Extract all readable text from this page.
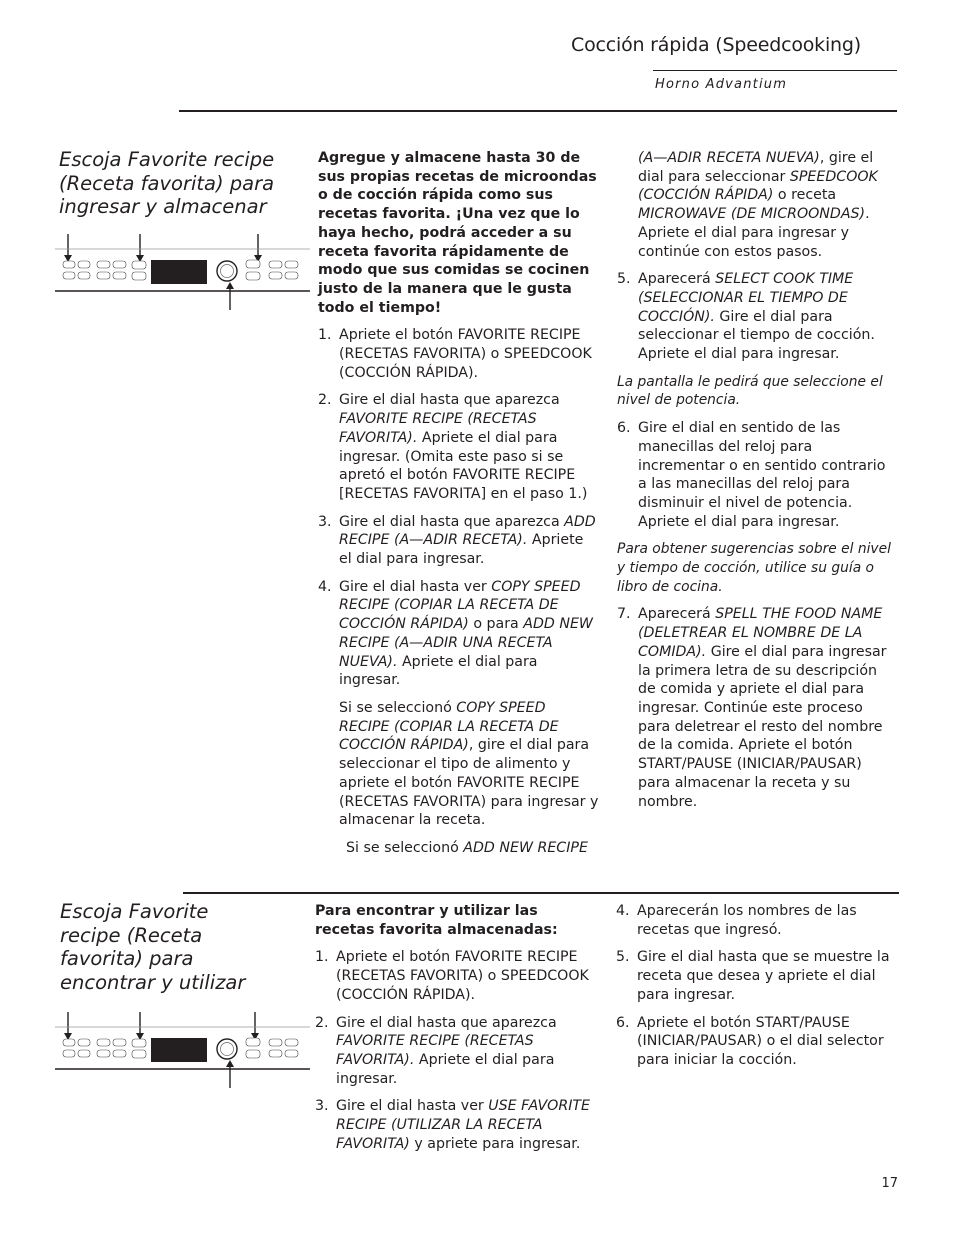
Cocción rápida (Speedcooking)
Horno Advantium
Escoja Favorite recipe (Receta favorita) para ingresar y almacenar

Agregue y almacene hasta 30 de sus propias recetas de microondas o de cocción rápida como sus recetas favorita. ¡Una vez que lo haya hecho, podrá acceder a su receta favorita rápidamente de modo que sus comidas se cocinen justo de la manera que le gusta todo el tiempo!

1. Apriete el botón FAVORITE RECIPE (RECETAS FAVORITA) o SPEEDCOOK (COCCIÓN RÁPIDA).
2. Gire el dial hasta que aparezca FAVORITE RECIPE (RECETAS FAVORITA). Apriete el dial para ingresar. (Omita este paso si se apretó el botón FAVORITE RECIPE [RECETAS FAVORITA] en el paso 1.)
3. Gire el dial hasta que aparezca ADD RECIPE (A—ADIR RECETA). Apriete el dial para ingresar.
4. Gire el dial hasta ver COPY SPEED RECIPE (COPIAR LA RECETA DE COCCIÓN RÁPIDA) o para ADD NEW RECIPE (A—ADIR UNA RECETA NUEVA). Apriete el dial para ingresar.

Si se seleccionó COPY SPEED RECIPE (COPIAR LA RECETA DE COCCIÓN RÁPIDA), gire el dial para seleccionar el tipo de alimento y apriete el botón FAVORITE RECIPE (RECETAS FAVORITA) para ingresar y almacenar la receta.

Si se seleccionó ADD NEW RECIPE

(A—ADIR RECETA NUEVA), gire el dial para seleccionar SPEEDCOOK (COCCIÓN RÁPIDA) o receta MICROWAVE (DE MICROONDAS). Apriete el dial para ingresar y continúe con estos pasos.

5. Aparecerá SELECT COOK TIME (SELECCIONAR EL TIEMPO DE COCCIÓN). Gire el dial para seleccionar el tiempo de cocción. Apriete el dial para ingresar.

La pantalla le pedirá que seleccione el nivel de potencia.

6. Gire el dial en sentido de las manecillas del reloj para incrementar o en sentido contrario a las manecillas del reloj para disminuir el nivel de potencia. Apriete el dial para ingresar.

Para obtener sugerencias sobre el nivel y tiempo de cocción, utilice su guía o libro de cocina.

7. Aparecerá SPELL THE FOOD NAME (DELETREAR EL NOMBRE DE LA COMIDA). Gire el dial para ingresar la primera letra de su descripción de comida y apriete el dial para ingresar. Continúe este proceso para deletrear el resto del nombre de la comida. Apriete el botón START/PAUSE (INICIAR/PAUSAR) para almacenar la receta y su nombre.
Escoja Favorite recipe (Receta favorita) para encontrar y utilizar

Para encontrar y utilizar las recetas favorita almacenadas:

1. Apriete el botón FAVORITE RECIPE (RECETAS FAVORITA) o SPEEDCOOK (COCCIÓN RÁPIDA).
2. Gire el dial hasta que aparezca FAVORITE RECIPE (RECETAS FAVORITA). Apriete el dial para ingresar.
3. Gire el dial hasta ver USE FAVORITE RECIPE (UTILIZAR LA RECETA FAVORITA) y apriete para ingresar.
4. Aparecerán los nombres de las recetas que ingresó.
5. Gire el dial hasta que se muestre la receta que desea y apriete el dial para ingresar.
6. Apriete el botón START/PAUSE (INICIAR/PAUSAR) o el dial selector para iniciar la cocción.
17
